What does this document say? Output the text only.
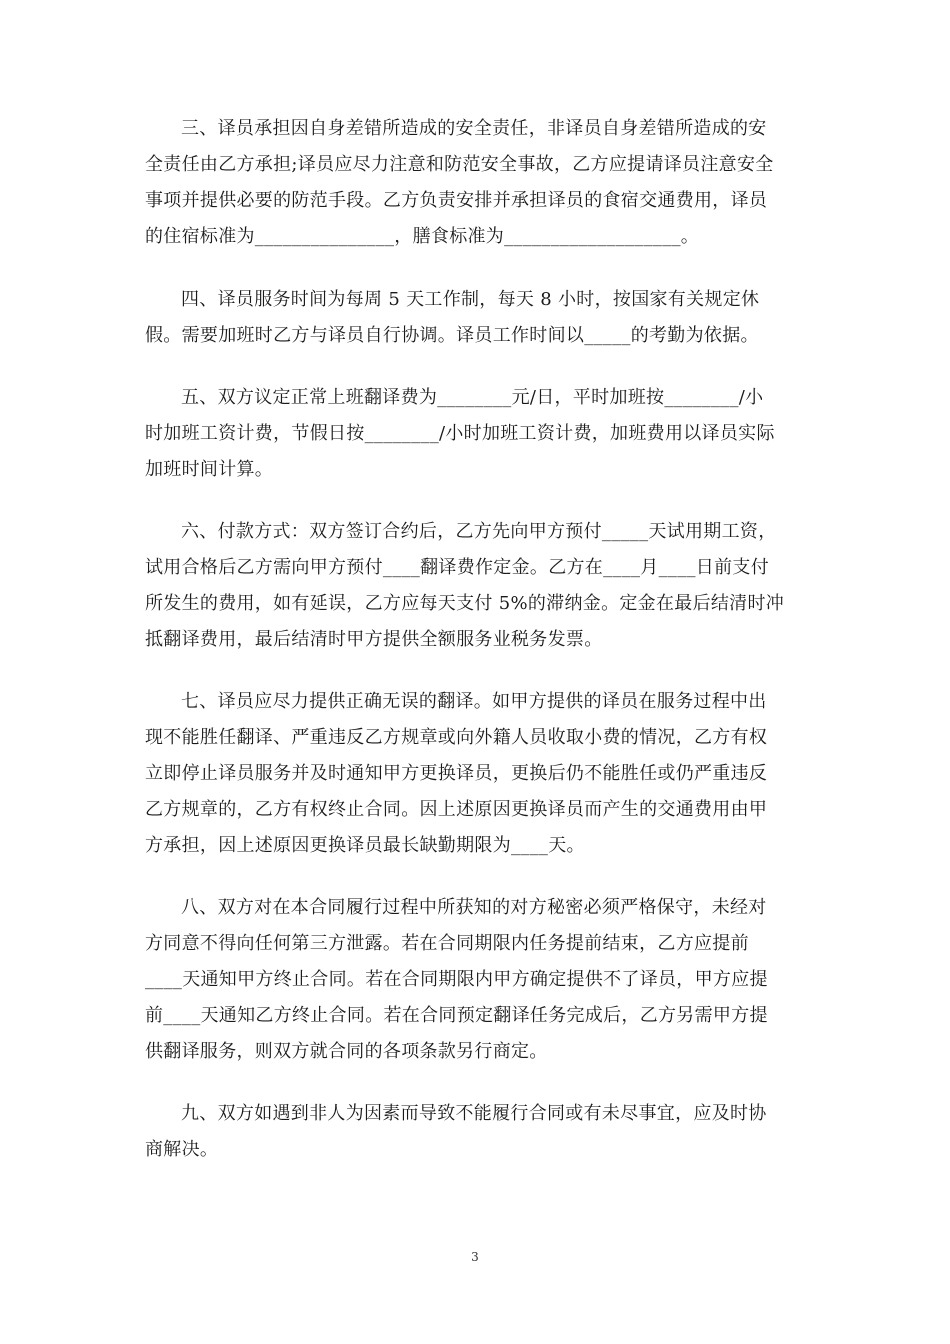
三、译员承担因自身差错所造成的安全责任，非译员自身差错所造成的安
全责任由乙方承担;译员应尽力注意和防范安全事故，乙方应提请译员注意安全
事项并提供必要的防范手段。乙方负责安排并承担译员的食宿交通费用，译员
的住宿标准为_______________，膳食标准为___________________。
四、译员服务时间为每周 5 天工作制，每天 8 小时，按国家有关规定休
假。需要加班时乙方与译员自行协调。译员工作时间以_____的考勤为依据。
五、双方议定正常上班翻译费为________元/日，平时加班按________/小
时加班工资计费，节假日按________/小时加班工资计费，加班费用以译员实际
加班时间计算。
六、付款方式：双方签订合约后，乙方先向甲方预付_____天试用期工资，
试用合格后乙方需向甲方预付____翻译费作定金。乙方在____月____日前支付
所发生的费用，如有延误，乙方应每天支付 5%的滞纳金。定金在最后结清时冲
抵翻译费用，最后结清时甲方提供全额服务业税务发票。
七、译员应尽力提供正确无误的翻译。如甲方提供的译员在服务过程中出
现不能胜任翻译、严重违反乙方规章或向外籍人员收取小费的情况，乙方有权
立即停止译员服务并及时通知甲方更换译员，更换后仍不能胜任或仍严重违反
乙方规章的，乙方有权终止合同。因上述原因更换译员而产生的交通费用由甲
方承担，因上述原因更换译员最长缺勤期限为____天。
八、双方对在本合同履行过程中所获知的对方秘密必须严格保守，未经对
方同意不得向任何第三方泄露。若在合同期限内任务提前结束，乙方应提前
____天通知甲方终止合同。若在合同期限内甲方确定提供不了译员，甲方应提
前____天通知乙方终止合同。若在合同预定翻译任务完成后，乙方另需甲方提
供翻译服务，则双方就合同的各项条款另行商定。
九、双方如遇到非人为因素而导致不能履行合同或有未尽事宜，应及时协
商解决。
3
